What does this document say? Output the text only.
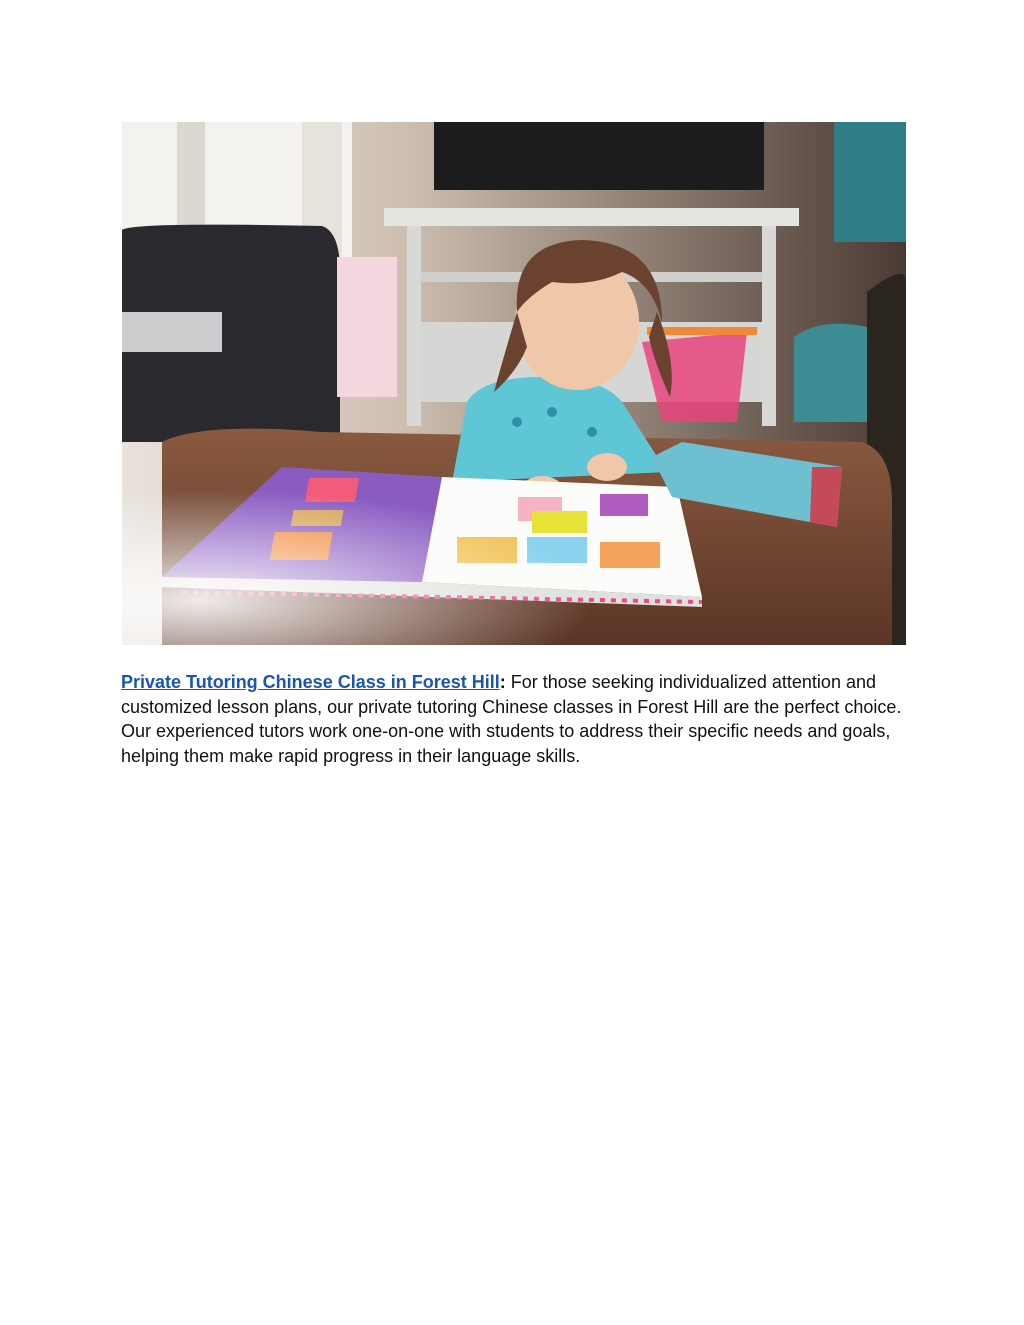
Private Tutoring Chinese Class in Forest Hill: For those seeking individualized attention and customized lesson plans, our private tutoring Chinese classes in Forest Hill are the perfect choice. Our experienced tutors work one-on-one with students to address their specific needs and goals, helping them make rapid progress in their language skills.
